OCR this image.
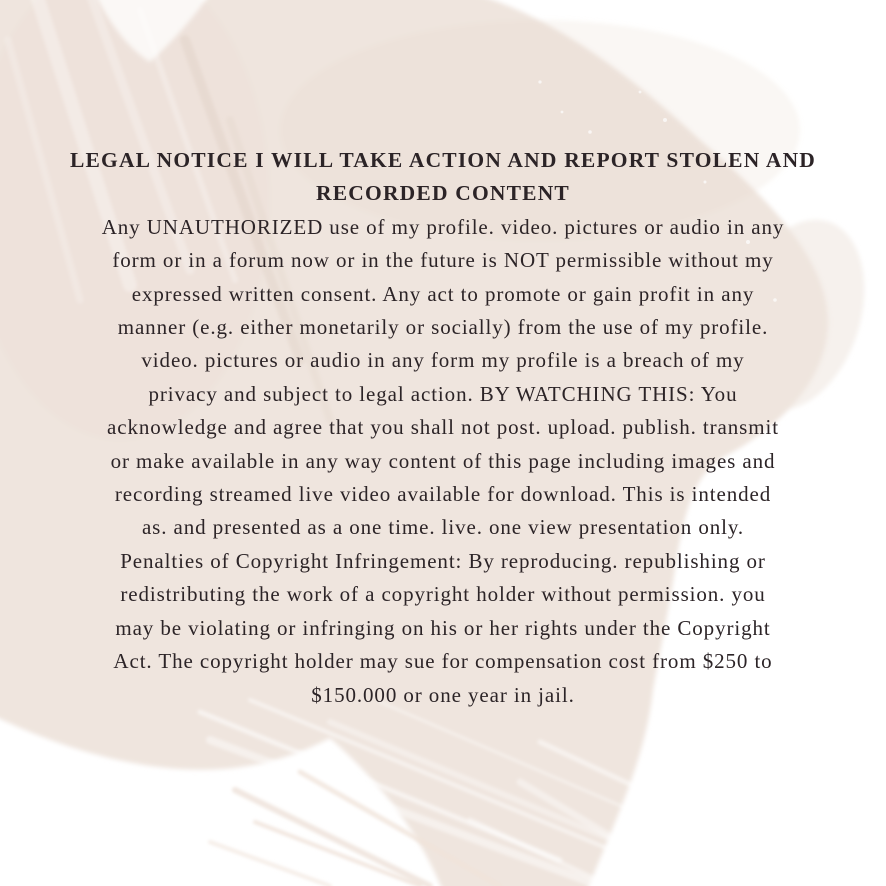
LEGAL NOTICE I WILL TAKE ACTION AND REPORT STOLEN AND
RECORDED CONTENT
Any UNAUTHORIZED use of my profile. video. pictures or audio in any
form or in a forum now or in the future is NOT permissible without my
expressed written consent. Any act to promote or gain profit in any
manner (e.g. either monetarily or socially) from the use of my profile.
video. pictures or audio in any form my profile is a breach of my
privacy and subject to legal action. BY WATCHING THIS: You
acknowledge and agree that you shall not post. upload. publish. transmit
or make available in any way content of this page including images and
recording streamed live video available for download. This is intended
as. and presented as a one time. live. one view presentation only.
Penalties of Copyright Infringement: By reproducing. republishing or
redistributing the work of a copyright holder without permission. you
may be violating or infringing on his or her rights under the Copyright
Act. The copyright holder may sue for compensation cost from $250 to
$150.000 or one year in jail.
